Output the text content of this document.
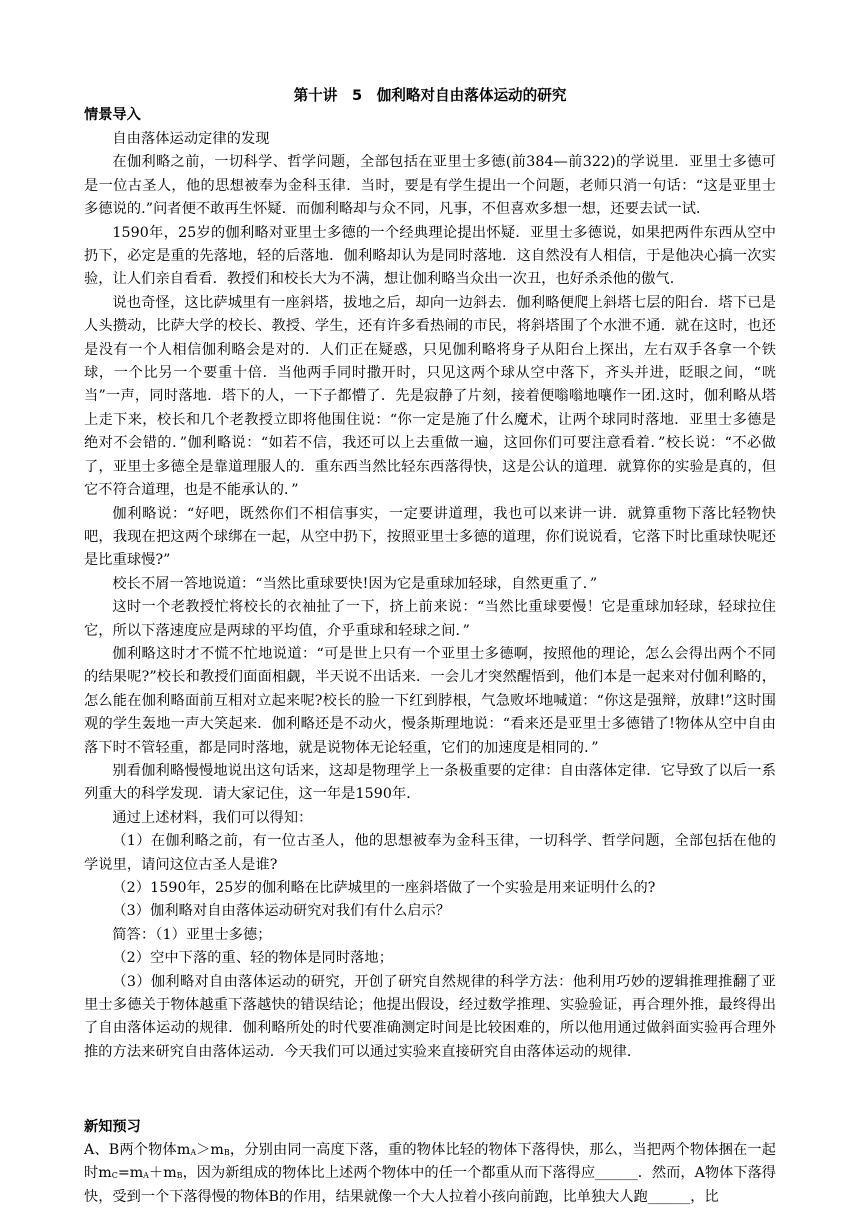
第十讲　5　伽利略对自由落体运动的研究
情景导入

自由落体运动定律的发现

在伽利略之前，一切科学、哲学问题，全部包括在亚里士多德(前384—前322)的学说里．亚里士多德可是一位古圣人，他的思想被奉为金科玉律．当时，要是有学生提出一个问题，老师只消一句话：“这是亚里士多德说的.”问者便不敢再生怀疑．而伽利略却与众不同，凡事，不但喜欢多想一想，还要去试一试．

1590年，25岁的伽利略对亚里士多德的一个经典理论提出怀疑．亚里士多德说，如果把两件东西从空中扔下，必定是重的先落地，轻的后落地．伽利略却认为是同时落地．这自然没有人相信，于是他决心搞一次实验，让人们亲自看看．教授们和校长大为不满，想让伽利略当众出一次丑，也好杀杀他的傲气．

说也奇怪，这比萨城里有一座斜塔，拔地之后，却向一边斜去．伽利略便爬上斜塔七层的阳台．塔下已是人头攒动，比萨大学的校长、教授、学生，还有许多看热闹的市民，将斜塔围了个水泄不通．就在这时，也还是没有一个人相信伽利略会是对的．人们正在疑惑，只见伽利略将身子从阳台上探出，左右双手各拿一个铁球，一个比另一个要重十倍．当他两手同时撒开时，只见这两个球从空中落下，齐头并进，眨眼之间，“咣当”一声，同时落地．塔下的人，一下子都懵了．先是寂静了片刻，接着便嗡嗡地嚷作一团.这时，伽利略从塔上走下来，校长和几个老教授立即将他围住说：“你一定是施了什么魔术，让两个球同时落地．亚里士多德是绝对不会错的．”伽利略说：“如若不信，我还可以上去重做一遍，这回你们可要注意看着．”校长说：“不必做了，亚里士多德全是靠道理服人的．重东西当然比轻东西落得快，这是公认的道理．就算你的实验是真的，但它不符合道理，也是不能承认的．”

伽利略说：“好吧，既然你们不相信事实，一定要讲道理，我也可以来讲一讲．就算重物下落比轻物快吧，我现在把这两个球绑在一起，从空中扔下，按照亚里士多德的道理，你们说说看，它落下时比重球快呢还是比重球慢?”

校长不屑一答地说道：“当然比重球要快!因为它是重球加轻球，自然更重了．”

这时一个老教授忙将校长的衣袖扯了一下，挤上前来说：“当然比重球要慢！它是重球加轻球，轻球拉住它，所以下落速度应是两球的平均值，介乎重球和轻球之间．”

伽利略这时才不慌不忙地说道：“可是世上只有一个亚里士多德啊，按照他的理论，怎么会得出两个不同的结果呢?”校长和教授们面面相觑，半天说不出话来．一会儿才突然醒悟到，他们本是一起来对付伽利略的，怎么能在伽利略面前互相对立起来呢?校长的脸一下红到脖根，气急败坏地喊道：“你这是强辩，放肆!”这时围观的学生轰地一声大笑起来．伽利略还是不动火，慢条斯理地说：“看来还是亚里士多德错了!物体从空中自由落下时不管轻重，都是同时落地，就是说物体无论轻重，它们的加速度是相同的．”

别看伽利略慢慢地说出这句话来，这却是物理学上一条极重要的定律：自由落体定律．它导致了以后一系列重大的科学发现．请大家记住，这一年是1590年．

通过上述材料，我们可以得知：

（1）在伽利略之前，有一位古圣人，他的思想被奉为金科玉律，一切科学、哲学问题，全部包括在他的学说里，请问这位古圣人是谁?

（2）1590年，25岁的伽利略在比萨城里的一座斜塔做了一个实验是用来证明什么的?

（3）伽利略对自由落体运动研究对我们有什么启示？

简答：（1）亚里士多德；

（2）空中下落的重、轻的物体是同时落地；

（3）伽利略对自由落体运动的研究，开创了研究自然规律的科学方法：他利用巧妙的逻辑推理推翻了亚里士多德关于物体越重下落越快的错误结论；他提出假设，经过数学推理、实验验证，再合理外推，最终得出了自由落体运动的规律．伽利略所处的时代要准确测定时间是比较困难的，所以他用通过做斜面实验再合理外推的方法来研究自由落体运动．今天我们可以通过实验来直接研究自由落体运动的规律．

新知预习

A、B两个物体$m_A>m_B$，分别由同一高度下落，重的物体比轻的物体下落得快，那么，当把两个物体捆在一起时$m_C=m_A+m_B$，因为新组成的物体比上述两个物体中的任一个都重从而下落得应______．然而，A物体下落得快，受到一个下落得慢的物体B的作用，结果就像一个大人拉着小孩向前跑，比单独大人跑______，比
